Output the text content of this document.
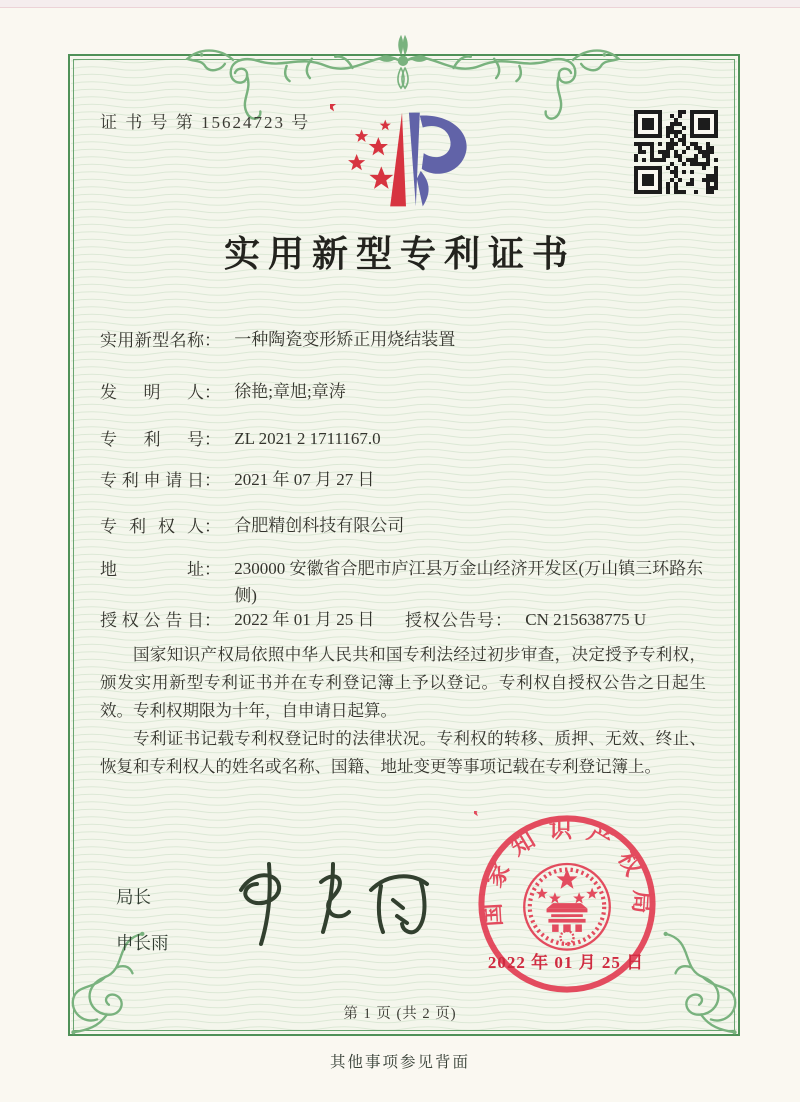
证 书 号 第 15624723 号
实用新型专利证书
实用新型名称： 一种陶瓷变形矫正用烧结装置
发明人： 徐艳;章旭;章涛
专利号： ZL 2021 2 1711167.0
专利申请日： 2021 年 07 月 27 日
专利权人： 合肥精创科技有限公司
地址： 230000 安徽省合肥市庐江县万金山经济开发区(万山镇三环路东侧)
授权公告日： 2022 年 01 月 25 日 授权公告号： CN 215638775 U

国家知识产权局依照中华人民共和国专利法经过初步审查，决定授予专利权，颁发实用新型专利证书并在专利登记簿上予以登记。专利权自授权公告之日起生效。专利权期限为十年，自申请日起算。

专利证书记载专利权登记时的法律状况。专利权的转移、质押、无效、终止、恢复和专利权人的姓名或名称、国籍、地址变更等事项记载在专利登记簿上。

局长
申长雨
国家知识产权局
2022 年 01 月 25 日
第 1 页 (共 2 页)
其他事项参见背面
